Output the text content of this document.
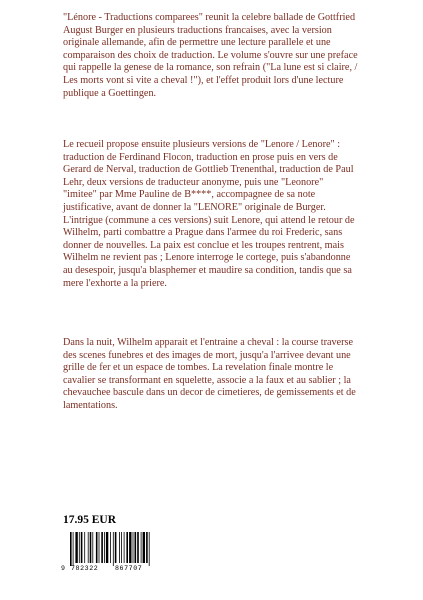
"Lénore - Traductions comparees" reunit la celebre ballade de Gottfried
August Burger en plusieurs traductions francaises, avec la version
originale allemande, afin de permettre une lecture parallele et une
comparaison des choix de traduction. Le volume s'ouvre sur une preface
qui rappelle la genese de la romance, son refrain ("La lune est si claire, /
Les morts vont si vite a cheval !"), et l'effet produit lors d'une lecture
publique a Goettingen.

Le recueil propose ensuite plusieurs versions de "Lenore / Lenore" :
traduction de Ferdinand Flocon, traduction en prose puis en vers de
Gerard de Nerval, traduction de Gottlieb Trenenthal, traduction de Paul
Lehr, deux versions de traducteur anonyme, puis une "Leonore"
"imitee" par Mme Pauline de B****, accompagnee de sa note
justificative, avant de donner la "LENORE" originale de Burger.
L'intrigue (commune a ces versions) suit Lenore, qui attend le retour de
Wilhelm, parti combattre a Prague dans l'armee du roi Frederic, sans
donner de nouvelles. La paix est conclue et les troupes rentrent, mais
Wilhelm ne revient pas ; Lenore interroge le cortege, puis s'abandonne
au desespoir, jusqu'a blasphemer et maudire sa condition, tandis que sa
mere l'exhorte a la priere.

Dans la nuit, Wilhelm apparait et l'entraine a cheval : la course traverse
des scenes funebres et des images de mort, jusqu'a l'arrivee devant une
grille de fer et un espace de tombes. La revelation finale montre le
cavalier se transformant en squelette, associe a la faux et au sablier ; la
chevauchee bascule dans un decor de cimetieres, de gemissements et de
lamentations.

17.95 EUR

9 782322	867707
